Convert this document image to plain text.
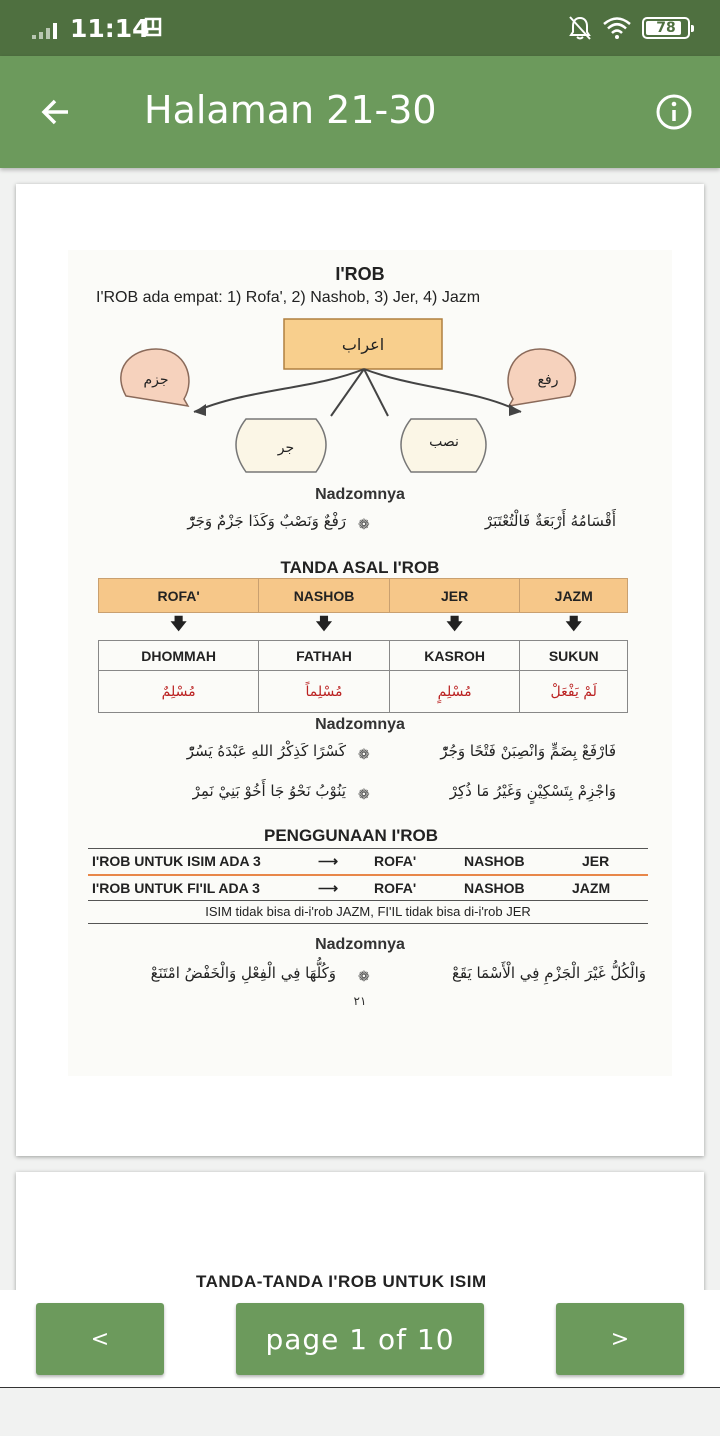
11:14	78
Halaman 21-30
I'ROB
I'ROB ada empat: 1) Rofa', 2) Nashob, 3) Jer, 4) Jazm
اعراب
جزم	رفع
جر	نصب
Nadzomnya
أَقْسَامُهُ أَرْبَعَةٌ فَالْتُعْتَبَرْ
❁
رَفْعٌ وَنَصْبٌ وَكَذَا جَزْمٌ وَجَرّْ
TANDA ASAL I'ROB
ROFA'	NASHOB	JER	JAZM
🡇	🡇	🡇	🡇
DHOMMAH	FATHAH	KASROH	SUKUN
مُسْلِمٌ	مُسْلِماً	مُسْلِمٍ	لَمْ يَفْعَلْ
Nadzomnya
فَارْفَعْ بِضَمٍّ وَانْصِبَنْ فَتْحًا وَجُرّْ
❁
كَسْرًا كَذِكْرُ اللهِ عَبْدَهُ يَسُرّْ
وَاجْزِمْ بِتَسْكِيْنٍ وَغَيْرُ مَا ذُكِرْ
❁
يَنُوْبُ نَحْوُ جَا أَخُوْ بَنِيْ نَمِرْ
PENGGUNAAN I'ROB
I'ROB UNTUK ISIM ADA 3	⟶	ROFA'	NASHOB	JER
I'ROB UNTUK FI'IL ADA 3	⟶	ROFA'	NASHOB	JAZM
ISIM tidak bisa di-i'rob JAZM, FI'IL tidak bisa di-i'rob JER
Nadzomnya
وَالْكُلُّ غَيْرَ الْجَزْمِ فِي الْأَسْمَا يَقَعْ
❁
وَكُلُّهَا فِي الْفِعْلِ وَالْخَفْضُ امْتَنَعْ
٢١
TANDA-TANDA I'ROB UNTUK ISIM
<	page 1 of 10	>
